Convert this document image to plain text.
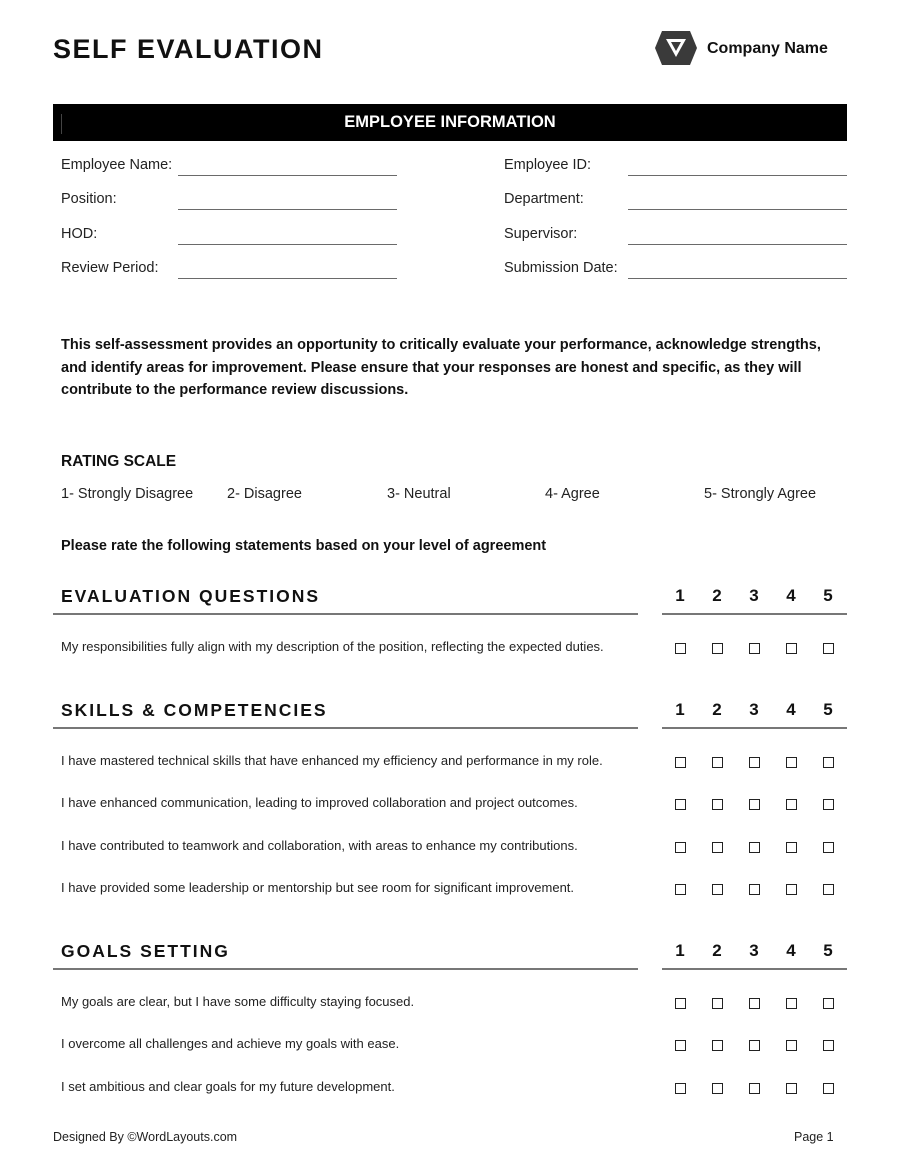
SELF EVALUATION	Company Name
EMPLOYEE INFORMATION
Employee Name:
Position:
HOD:
Review Period:
Employee ID:
Department:
Supervisor:
Submission Date:
This self-assessment provides an opportunity to critically evaluate your performance, acknowledge strengths, and identify areas for improvement. Please ensure that your responses are honest and specific, as they will contribute to the performance review discussions.
RATING SCALE
1- Strongly Disagree 2- Disagree	3- Neutral	4- Agree	5- Strongly Agree
Please rate the following statements based on your level of agreement
EVALUATION QUESTIONS	1	2	3	4	5
My responsibilities fully align with my description of the position, reflecting the expected duties.
SKILLS & COMPETENCIES	1	2	3	4	5
I have mastered technical skills that have enhanced my efficiency and performance in my role.
I have enhanced communication, leading to improved collaboration and project outcomes.
I have contributed to teamwork and collaboration, with areas to enhance my contributions.
I have provided some leadership or mentorship but see room for significant improvement.
GOALS SETTING	1	2	3	4	5
My goals are clear, but I have some difficulty staying focused.
I overcome all challenges and achieve my goals with ease.
I set ambitious and clear goals for my future development.
Designed By ©WordLayouts.com	Page 1
